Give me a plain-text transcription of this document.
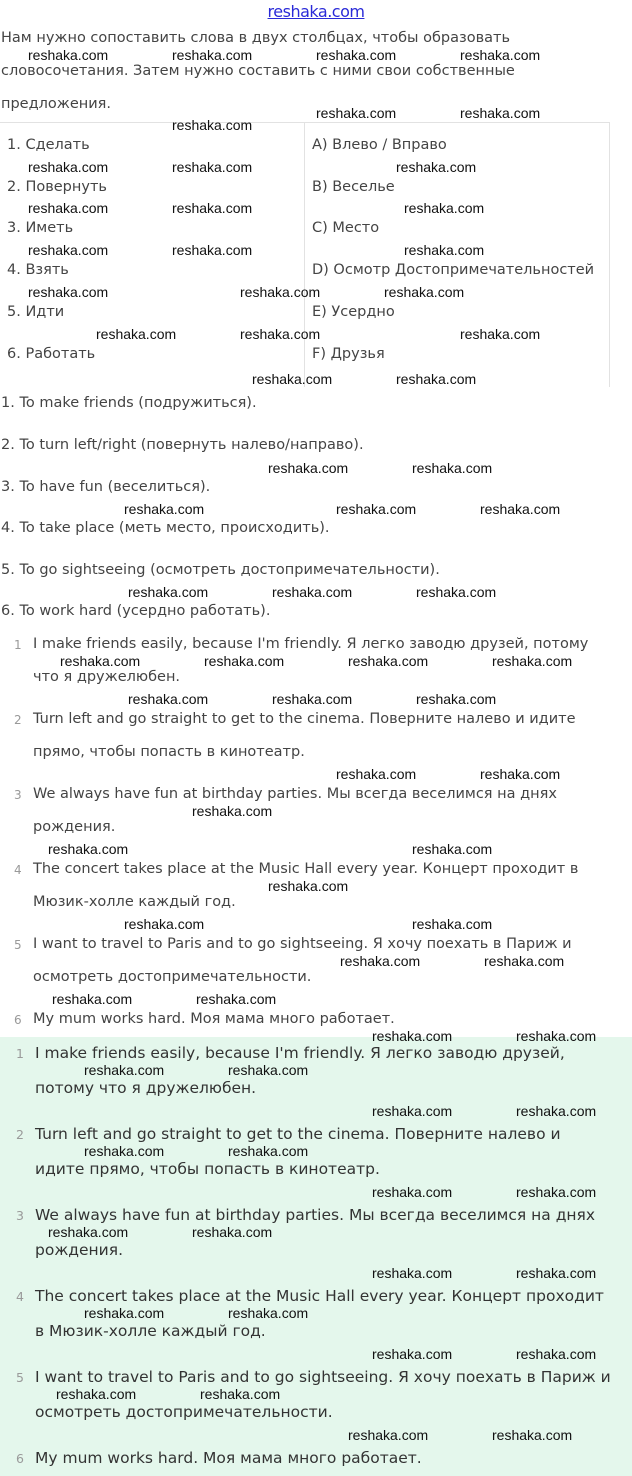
reshaka.com
Нам нужно сопоставить слова в двух столбцах, чтобы образовать
словосочетания. Затем нужно составить с ними свои собственные
предложения.
1. Сделать	A) Влево / Вправо
2. Повернуть	B) Веселье
3. Иметь	C) Место
4. Взять	D) Осмотр Достопримечательностей
5. Идти	E) Усердно
6. Работать	F) Друзья
1. To make friends (подружиться).
2. To turn left/right (повернуть налево/направо).
3. To have fun (веселиться).
4. To take place (меть место, происходить).
5. To go sightseeing (осмотреть достопримечательности).
6. To work hard (усердно работать).
1 I make friends easily, because I'm friendly. Я легко заводю друзей, потому
что я дружелюбен.
2 Turn left and go straight to get to the cinema. Поверните налево и идите
прямо, чтобы попасть в кинотеатр.
3 We always have fun at birthday parties. Мы всегда веселимся на днях
рождения.
4 The concert takes place at the Music Hall every year. Концерт проходит в
Мюзик-холле каждый год.
5 I want to travel to Paris and to go sightseeing. Я хочу поехать в Париж и
осмотреть достопримечательности.
6 My mum works hard. Моя мама много работает.
1 I make friends easily, because I'm friendly. Я легко заводю друзей,
потому что я дружелюбен.
2 Turn left and go straight to get to the cinema. Поверните налево и
идите прямо, чтобы попасть в кинотеатр.
3 We always have fun at birthday parties. Мы всегда веселимся на днях
рождения.
4 The concert takes place at the Music Hall every year. Концерт проходит
в Мюзик-холле каждый год.
5 I want to travel to Paris and to go sightseeing. Я хочу поехать в Париж и
осмотреть достопримечательности.
6 My mum works hard. Моя мама много работает.
reshaka.com	reshaka.com	reshaka.com	reshaka.com
reshaka.com
reshaka.com	reshaka.com
reshaka.com	reshaka.com	reshaka.com
reshaka.com	reshaka.com	reshaka.com
reshaka.com	reshaka.com	reshaka.com
reshaka.com	reshaka.com	reshaka.com
reshaka.com	reshaka.com	reshaka.com
reshaka.com	reshaka.com
reshaka.com	reshaka.com
reshaka.com	reshaka.com	reshaka.com
reshaka.com	reshaka.com	reshaka.com
reshaka.com	reshaka.com	reshaka.com	reshaka.com
reshaka.com	reshaka.com	reshaka.com
reshaka.com	reshaka.com
reshaka.com
reshaka.com	reshaka.com
reshaka.com
reshaka.com	reshaka.com
reshaka.com
reshaka.com
reshaka.com
reshaka.com
reshaka.com	reshaka.com
reshaka.com	reshaka.com
reshaka.com	reshaka.com
reshaka.com	reshaka.com
reshaka.com	reshaka.com
reshaka.com
reshaka.com
reshaka.com	reshaka.com
reshaka.com	reshaka.com
reshaka.com	reshaka.com
reshaka.com	reshaka.com
reshaka.com	reshaka.com
